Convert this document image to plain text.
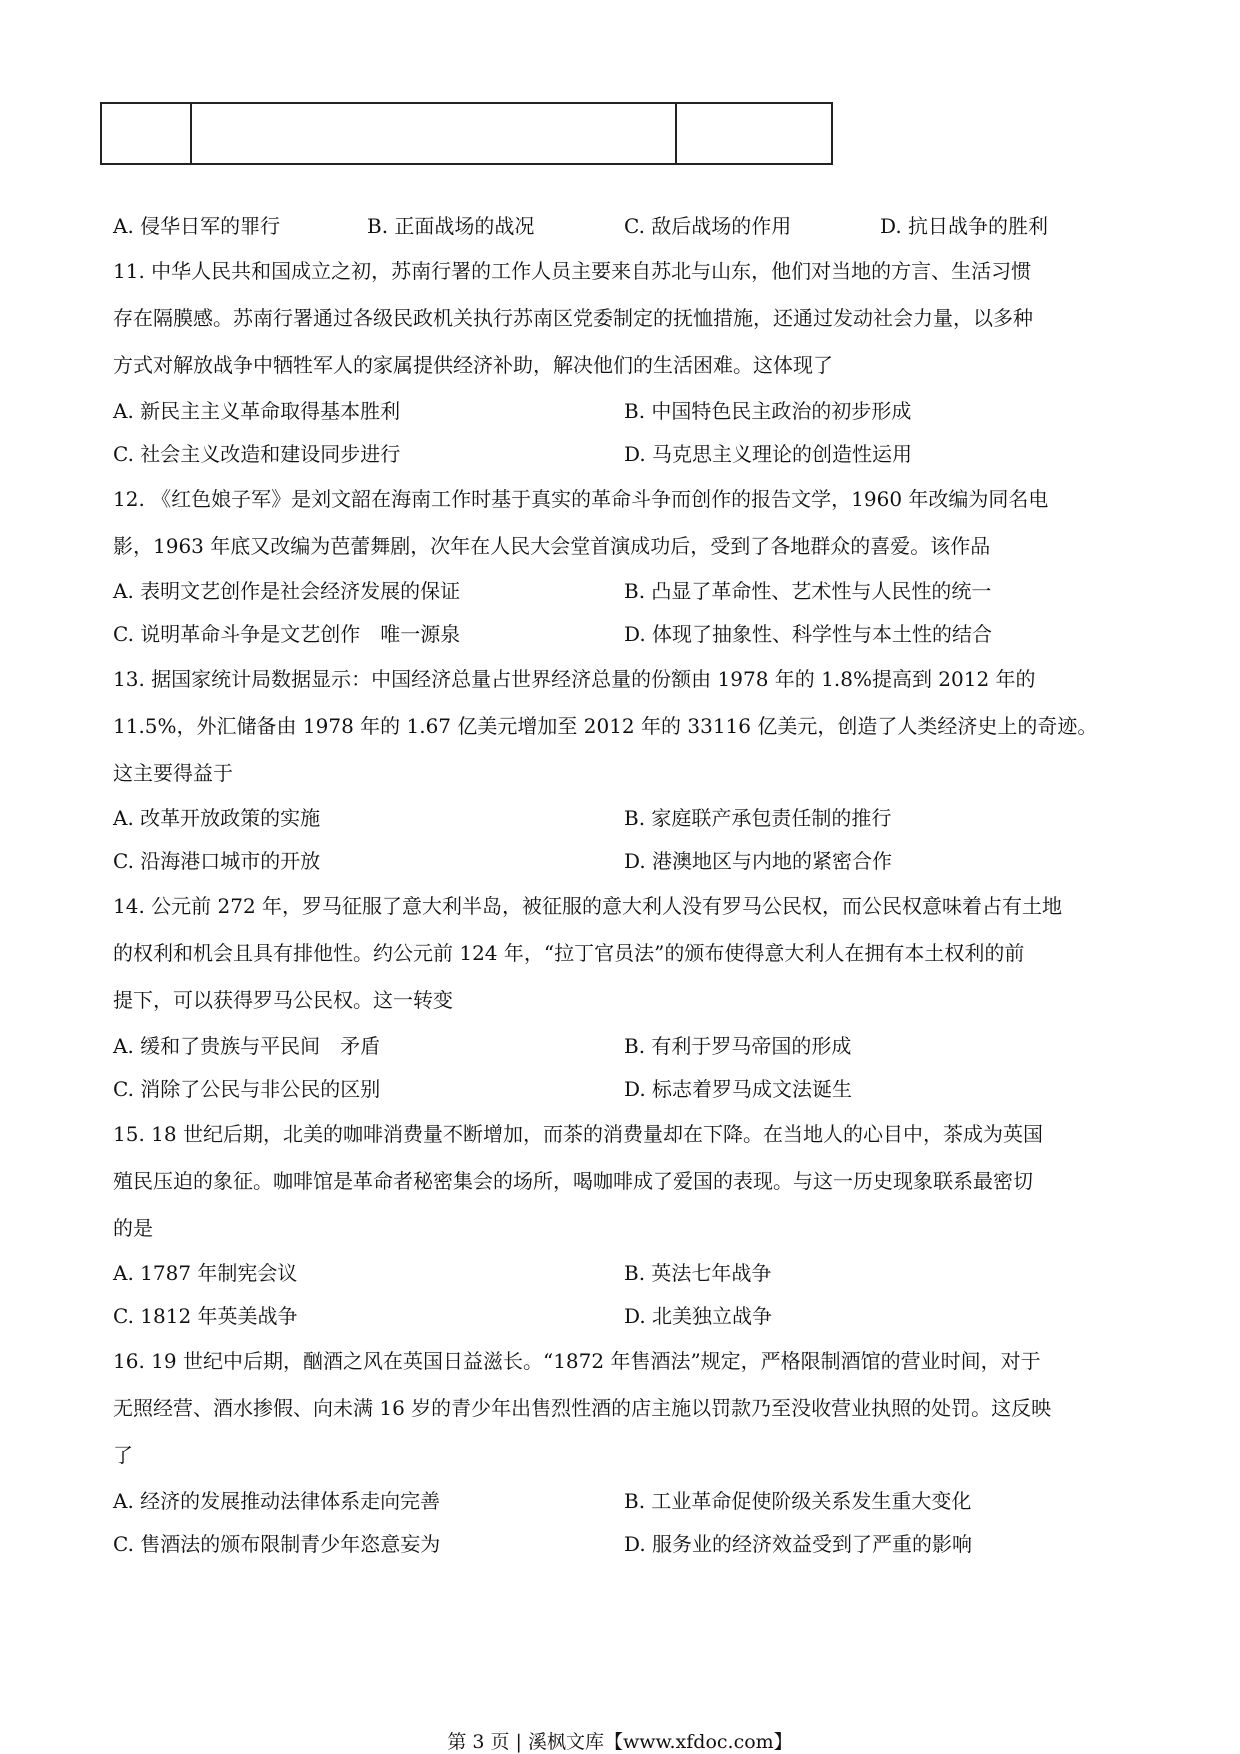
A. 侵华日军的罪行	B. 正面战场的战况	C. 敌后战场的作用	D. 抗日战争的胜利
11. 中华人民共和国成立之初，苏南行署的工作人员主要来自苏北与山东，他们对当地的方言、生活习惯
存在隔膜感。苏南行署通过各级民政机关执行苏南区党委制定的抚恤措施，还通过发动社会力量，以多种
方式对解放战争中牺牲军人的家属提供经济补助，解决他们的生活困难。这体现了
A. 新民主主义革命取得基本胜利	B. 中国特色民主政治的初步形成
C. 社会主义改造和建设同步进行	D. 马克思主义理论的创造性运用
12. 《红色娘子军》是刘文韶在海南工作时基于真实的革命斗争而创作的报告文学，1960 年改编为同名电
影，1963 年底又改编为芭蕾舞剧，次年在人民大会堂首演成功后，受到了各地群众的喜爱。该作品
A. 表明文艺创作是社会经济发展的保证	B. 凸显了革命性、艺术性与人民性的统一
C. 说明革命斗争是文艺创作　唯一源泉	D. 体现了抽象性、科学性与本土性的结合
13. 据国家统计局数据显示：中国经济总量占世界经济总量的份额由 1978 年的 1.8%提高到 2012 年的
11.5%，外汇储备由 1978 年的 1.67 亿美元增加至 2012 年的 33116 亿美元，创造了人类经济史上的奇迹。
这主要得益于
A. 改革开放政策的实施	B. 家庭联产承包责任制的推行
C. 沿海港口城市的开放	D. 港澳地区与内地的紧密合作
14. 公元前 272 年，罗马征服了意大利半岛，被征服的意大利人没有罗马公民权，而公民权意味着占有土地
的权利和机会且具有排他性。约公元前 124 年，“拉丁官员法”的颁布使得意大利人在拥有本土权利的前
提下，可以获得罗马公民权。这一转变
A. 缓和了贵族与平民间　矛盾	B. 有利于罗马帝国的形成
C. 消除了公民与非公民的区别	D. 标志着罗马成文法诞生
15. 18 世纪后期，北美的咖啡消费量不断增加，而茶的消费量却在下降。在当地人的心目中，茶成为英国
殖民压迫的象征。咖啡馆是革命者秘密集会的场所，喝咖啡成了爱国的表现。与这一历史现象联系最密切
的是
A. 1787 年制宪会议	B. 英法七年战争
C. 1812 年英美战争	D. 北美独立战争
16. 19 世纪中后期，酗酒之风在英国日益滋长。“1872 年售酒法”规定，严格限制酒馆的营业时间，对于
无照经营、酒水掺假、向未满 16 岁的青少年出售烈性酒的店主施以罚款乃至没收营业执照的处罚。这反映
了
A. 经济的发展推动法律体系走向完善	B. 工业革命促使阶级关系发生重大变化
C. 售酒法的颁布限制青少年恣意妄为	D. 服务业的经济效益受到了严重的影响
第 3 页 | 溪枫文库【www.xfdoc.com】
